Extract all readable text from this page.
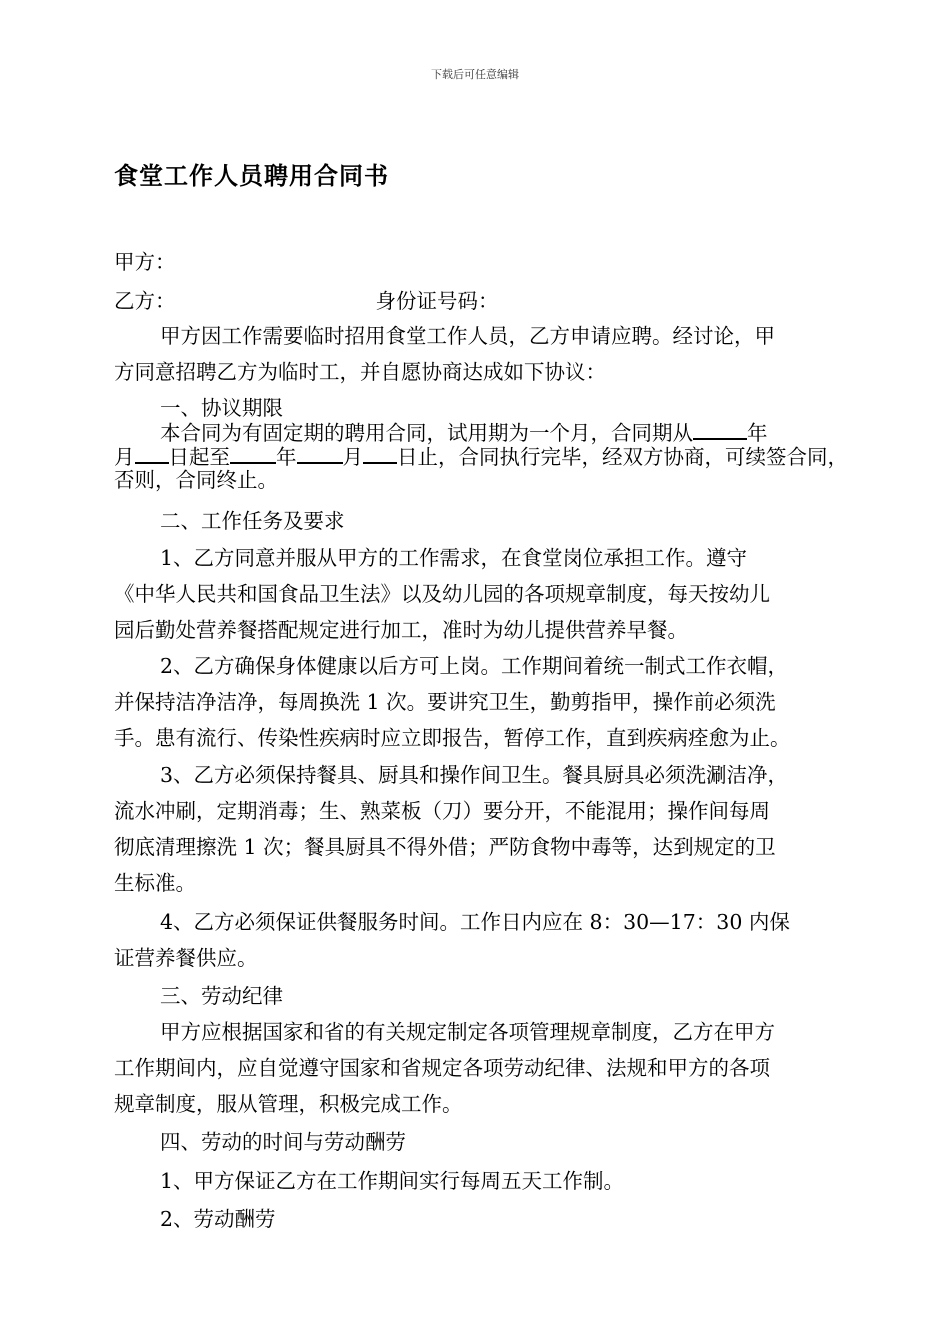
下载后可任意编辑
食堂工作人员聘用合同书
甲方：
乙方：	身份证号码：
甲方因工作需要临时招用食堂工作人员，乙方申请应聘。经讨论，甲
方同意招聘乙方为临时工，并自愿协商达成如下协议：
一、协议期限
本合同为有固定期的聘用合同，试用期为一个月，合同期从	年
月 日起至 年 月 日止，合同执行完毕，经双方协商，可续签合同，
否则，合同终止。
二、工作任务及要求
1、乙方同意并服从甲方的工作需求，在食堂岗位承担工作。遵守
《中华人民共和国食品卫生法》以及幼儿园的各项规章制度，每天按幼儿
园后勤处营养餐搭配规定进行加工，准时为幼儿提供营养早餐。
2、乙方确保身体健康以后方可上岗。工作期间着统一制式工作衣帽，
并保持洁净洁净，每周换洗 1 次。要讲究卫生，勤剪指甲，操作前必须洗
手。患有流行、传染性疾病时应立即报告，暂停工作，直到疾病痊愈为止。
3、乙方必须保持餐具、厨具和操作间卫生。餐具厨具必须洗涮洁净，
流水冲刷，定期消毒；生、熟菜板（刀）要分开，不能混用；操作间每周
彻底清理擦洗 1 次；餐具厨具不得外借；严防食物中毒等，达到规定的卫
生标准。
4、乙方必须保证供餐服务时间。工作日内应在 8：30—17：30 内保
证营养餐供应。
三、劳动纪律
甲方应根据国家和省的有关规定制定各项管理规章制度，乙方在甲方
工作期间内，应自觉遵守国家和省规定各项劳动纪律、法规和甲方的各项
规章制度，服从管理，积极完成工作。
四、劳动的时间与劳动酬劳
1、甲方保证乙方在工作期间实行每周五天工作制。
2、劳动酬劳
